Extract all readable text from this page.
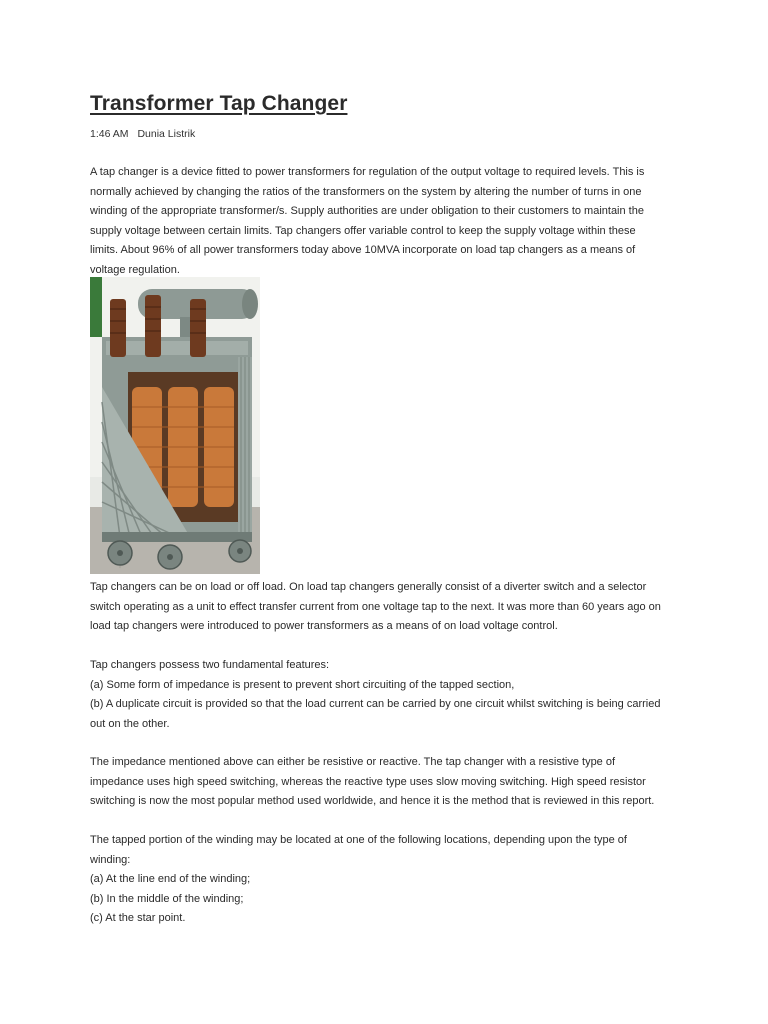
Transformer Tap Changer
1:46 AM Dunia Listrik

A tap changer is a device fitted to power transformers for regulation of the output voltage to required levels. This is
normally achieved by changing the ratios of the transformers on the system by altering the number of turns in one
winding of the appropriate transformer/s. Supply authorities are under obligation to their customers to maintain the
supply voltage between certain limits. Tap changers offer variable control to keep the supply voltage within these
limits. About 96% of all power transformers today above 10MVA incorporate on load tap changers as a means of
voltage regulation.

Tap changers can be on load or off load. On load tap changers generally consist of a diverter switch and a selector
switch operating as a unit to effect transfer current from one voltage tap to the next. It was more than 60 years ago on
load tap changers were introduced to power transformers as a means of on load voltage control.

Tap changers possess two fundamental features:
(a) Some form of impedance is present to prevent short circuiting of the tapped section,
(b) A duplicate circuit is provided so that the load current can be carried by one circuit whilst switching is being carried
out on the other.

The impedance mentioned above can either be resistive or reactive. The tap changer with a resistive type of
impedance uses high speed switching, whereas the reactive type uses slow moving switching. High speed resistor
switching is now the most popular method used worldwide, and hence it is the method that is reviewed in this report.

The tapped portion of the winding may be located at one of the following locations, depending upon the type of
winding:
(a) At the line end of the winding;
(b) In the middle of the winding;
(c) At the star point.
